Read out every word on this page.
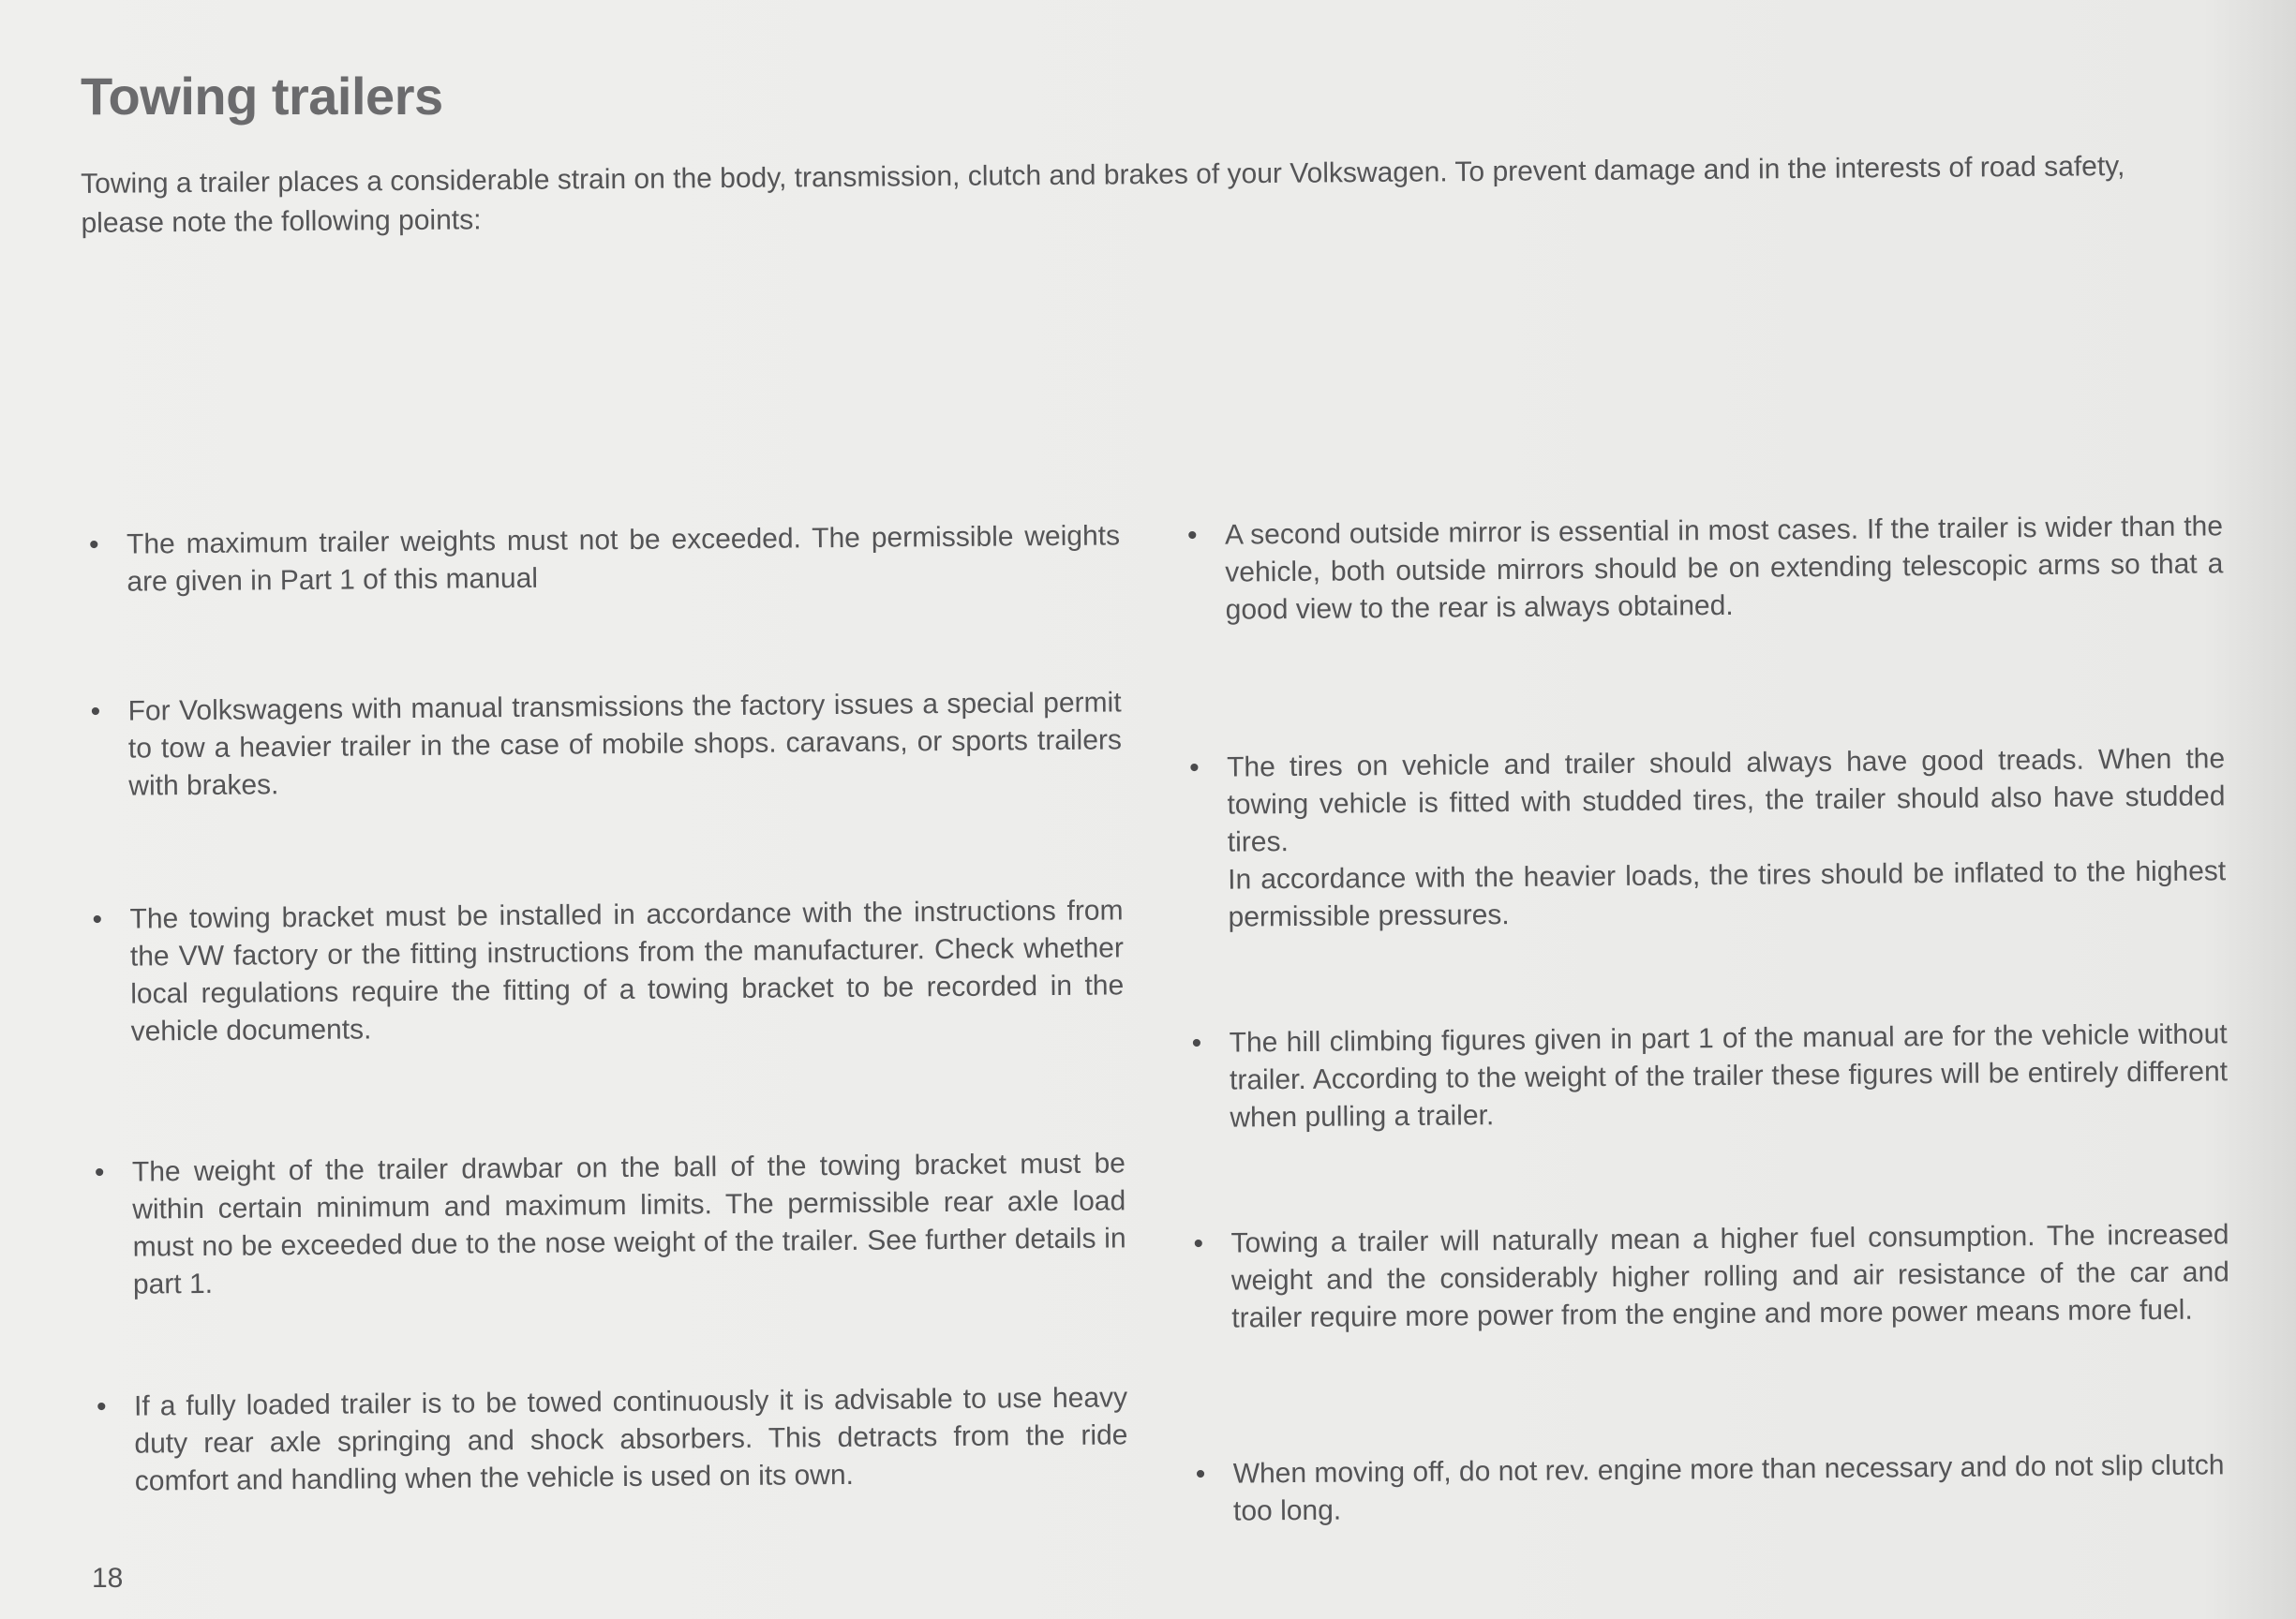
Towing trailers

Towing a trailer places a considerable strain on the body, transmission, clutch and brakes of your Volkswagen. To prevent damage and in the interests of road safety, please note the following points:

• The maximum trailer weights must not be exceeded. The permissible weights are given in Part 1 of this manual

• For Volkswagens with manual transmissions the factory issues a special permit to tow a heavier trailer in the case of mobile shops. caravans, or sports trailers with brakes.

• The towing bracket must be installed in accordance with the instructions from the VW factory or the fitting instructions from the manufacturer. Check whether local regulations require the fitting of a towing bracket to be recorded in the vehicle documents.

• The weight of the trailer drawbar on the ball of the towing bracket must be within certain minimum and maximum limits. The permissible rear axle load must no be exceeded due to the nose weight of the trailer. See further details in part 1.

• If a fully loaded trailer is to be towed continuously it is advisable to use heavy duty rear axle springing and shock absorbers. This detracts from the ride comfort and handling when the vehicle is used on its own.

• A second outside mirror is essential in most cases. If the trailer is wider than the vehicle, both outside mirrors should be on extending telescopic arms so that a good view to the rear is always obtained.

• The tires on vehicle and trailer should always have good treads. When the towing vehicle is fitted with studded tires, the trailer should also have studded tires.

In accordance with the heavier loads, the tires should be inflated to the highest permissible pressures.

• The hill climbing figures given in part 1 of the manual are for the vehicle without trailer. According to the weight of the trailer these figures will be entirely different when pulling a trailer.

• Towing a trailer will naturally mean a higher fuel consumption. The increased weight and the considerably higher rolling and air resistance of the car and trailer require more power from the engine and more power means more fuel.

• When moving off, do not rev. engine more than necessary and do not slip clutch too long.

18
